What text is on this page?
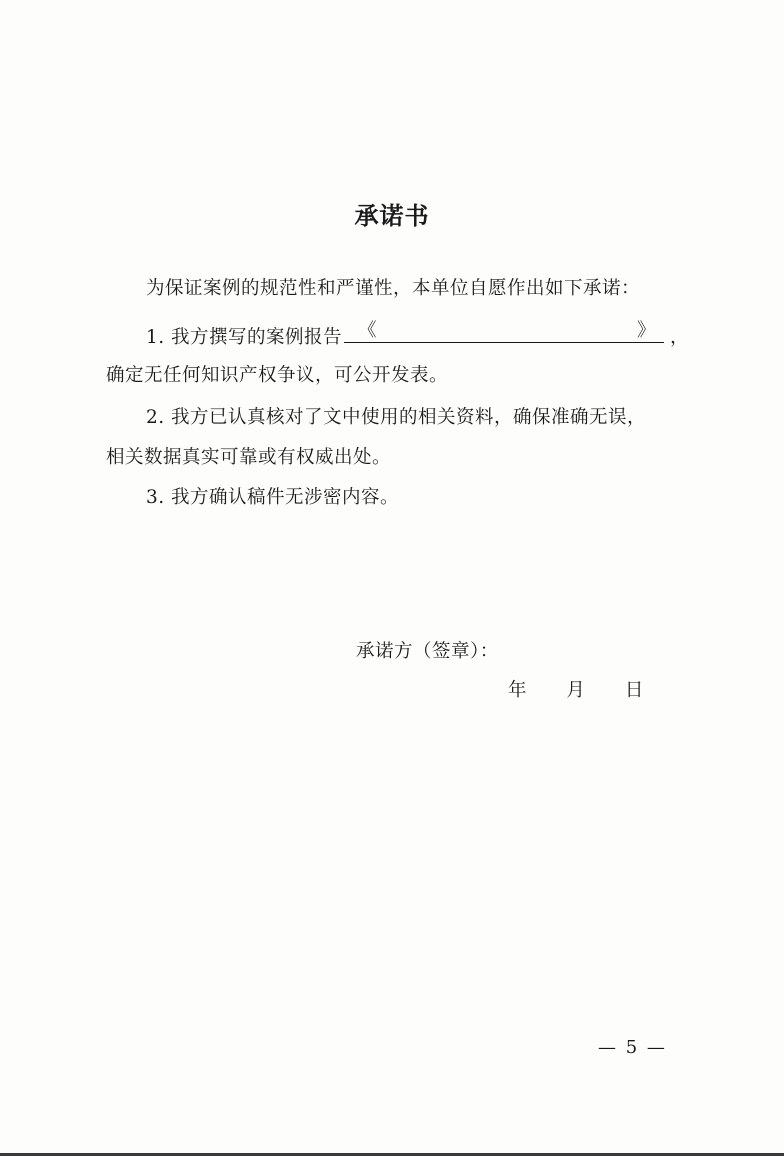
承诺书
为保证案例的规范性和严谨性，本单位自愿作出如下承诺：
1. 我方撰写的案例报告 《	》 ，
确定无任何知识产权争议，可公开发表。
2. 我方已认真核对了文中使用的相关资料，确保准确无误，
相关数据真实可靠或有权威出处。
3. 我方确认稿件无涉密内容。
承诺方（签章）：
年 月 日
— 5 —
